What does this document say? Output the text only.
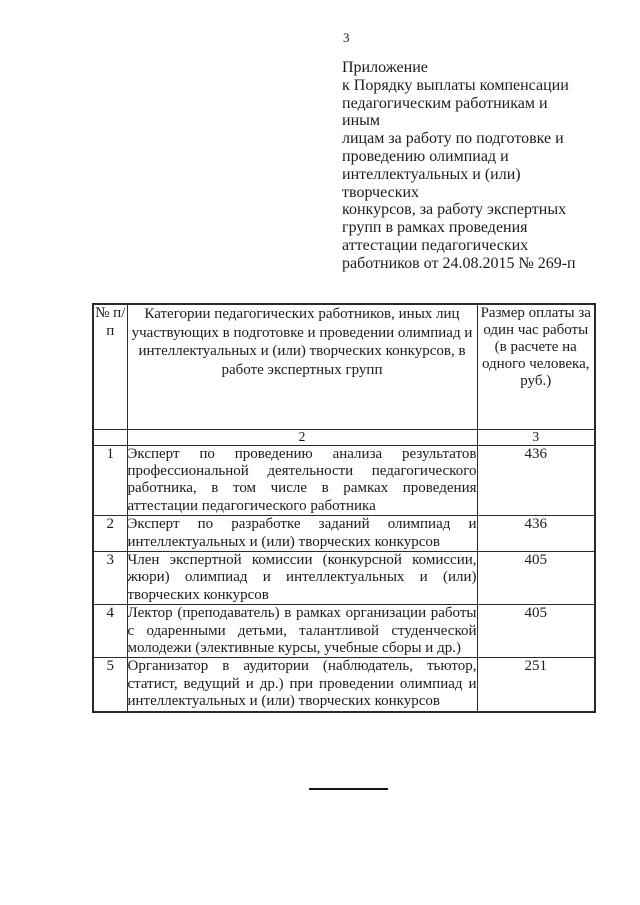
3
Приложение
к Порядку выплаты компенсации
педагогическим работникам и иным
лицам за работу по подготовке и
проведению олимпиад и
интеллектуальных и (или) творческих
конкурсов, за работу экспертных
групп в рамках проведения
аттестации педагогических
работников от 24.08.2015 № 269-п
№ п/п	Категории педагогических работников, иных лиц участвующих в подготовке и проведении олимпиад и интеллектуальных и (или) творческих конкурсов, в работе экспертных групп	Размер оплаты за один час работы (в расчете на одного человека, руб.)
	2	3
1	Эксперт по проведению анализа результатов профессиональной деятельности педагогического работника, в том числе в рамках проведения аттестации педагогического работника	436
2	Эксперт по разработке заданий олимпиад и интеллектуальных и (или) творческих конкурсов	436
3	Член экспертной комиссии (конкурсной комиссии, жюри) олимпиад и интеллектуальных и (или) творческих конкурсов	405
4	Лектор (преподаватель) в рамках организации работы с одаренными детьми, талантливой студенческой молодежи (элективные курсы, учебные сборы и др.)	405
5	Организатор в аудитории (наблюдатель, тьютор, статист, ведущий и др.) при проведении олимпиад и интеллектуальных и (или) творческих конкурсов	251
